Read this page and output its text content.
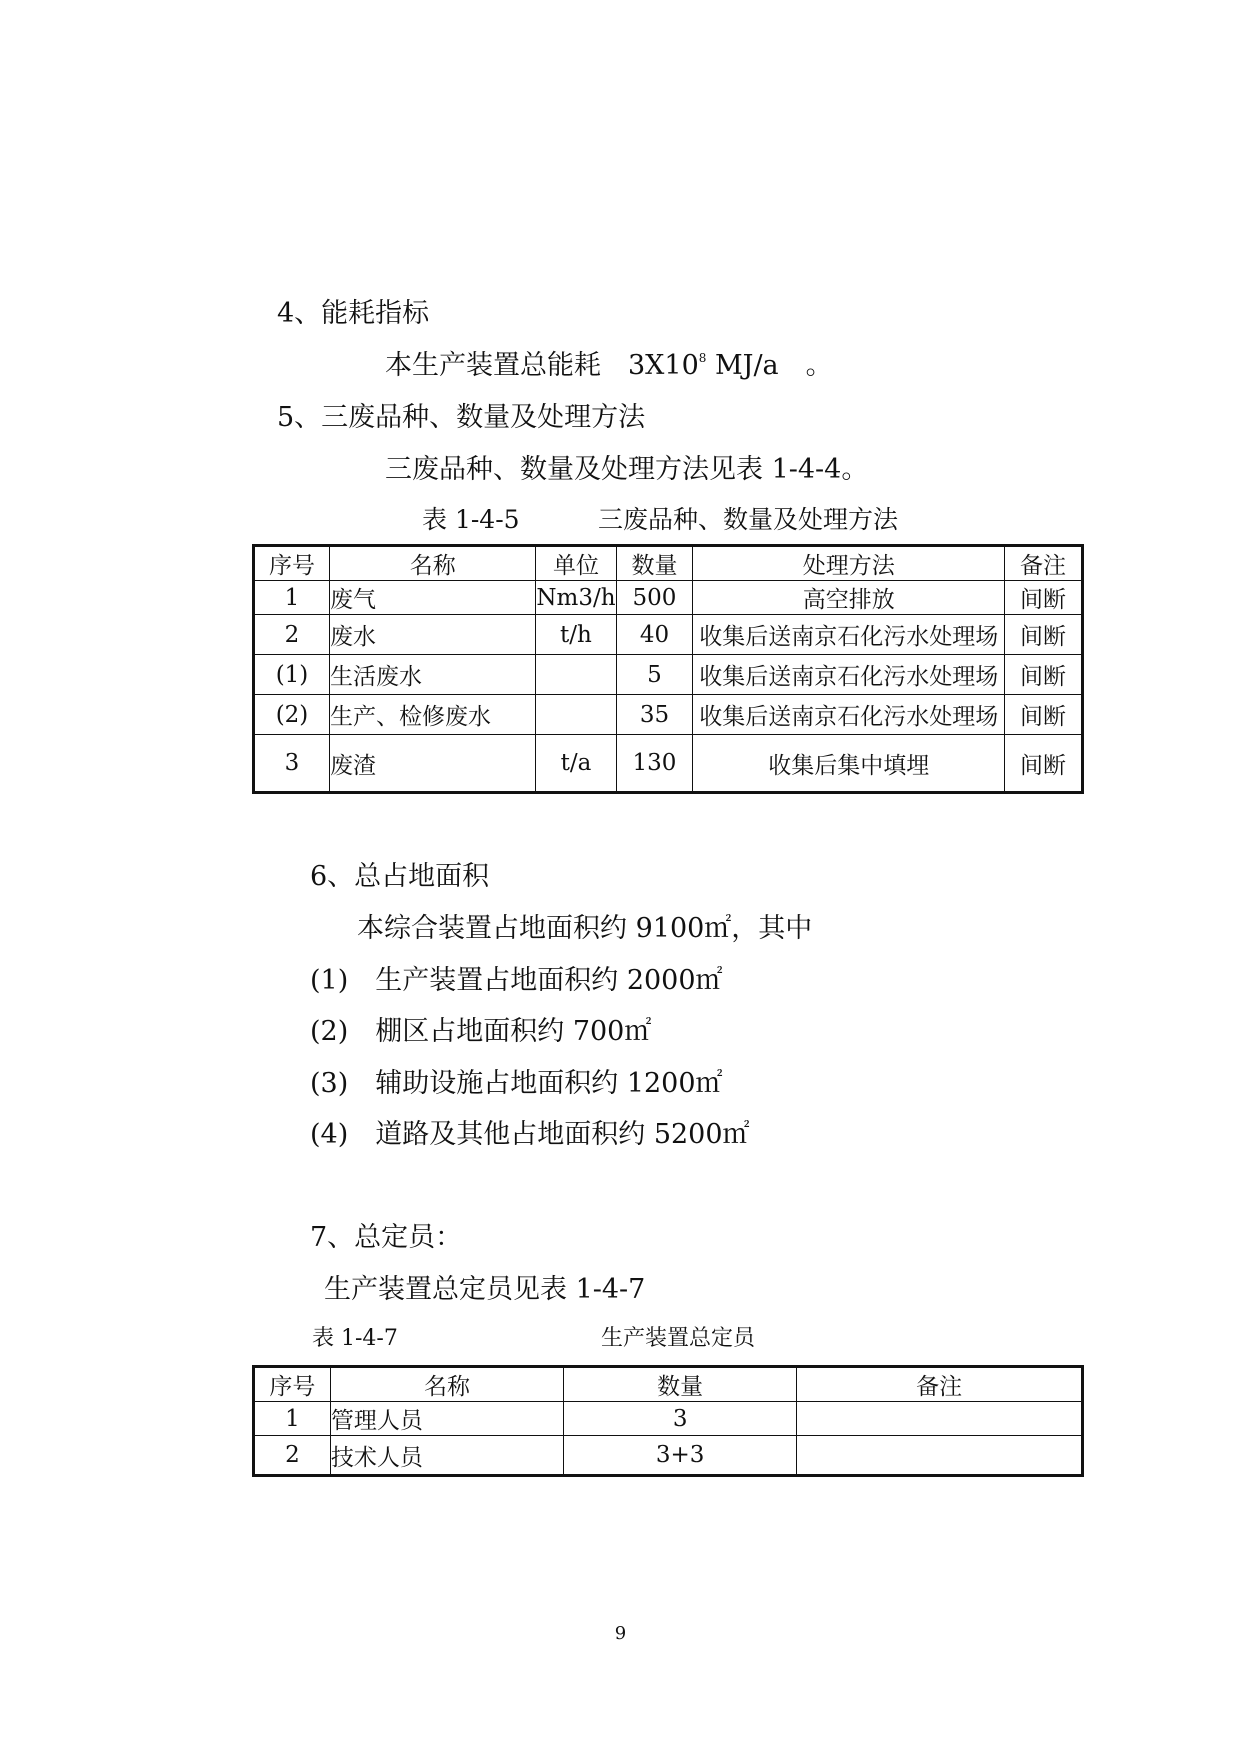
4、能耗指标
本生产装置总能耗　$3X10^8$ MJ/a　。
5、三废品种、数量及处理方法
三废品种、数量及处理方法见表 1-4-4。
表 1-4-5	三废品种、数量及处理方法
序号	名称	单位	数量	处理方法	备注
1	废气	Nm3/h	500	高空排放	间断
2	废水	t/h	40	收集后送南京石化污水处理场	间断
(1)	生活废水		5	收集后送南京石化污水处理场	间断
(2)	生产、检修废水		35	收集后送南京石化污水处理场	间断
3	废渣	t/a	130	收集后集中填埋	间断
6、总占地面积
本综合装置占地面积约 9100㎡，其中
(1)　生产装置占地面积约 2000㎡
(2)　棚区占地面积约 700㎡
(3)　辅助设施占地面积约 1200㎡
(4)　道路及其他占地面积约 5200㎡
7、总定员：
生产装置总定员见表 1-4-7
表 1-4-7	生产装置总定员
序号	名称	数量	备注
1	管理人员	3	
2	技术人员	3+3	
9
